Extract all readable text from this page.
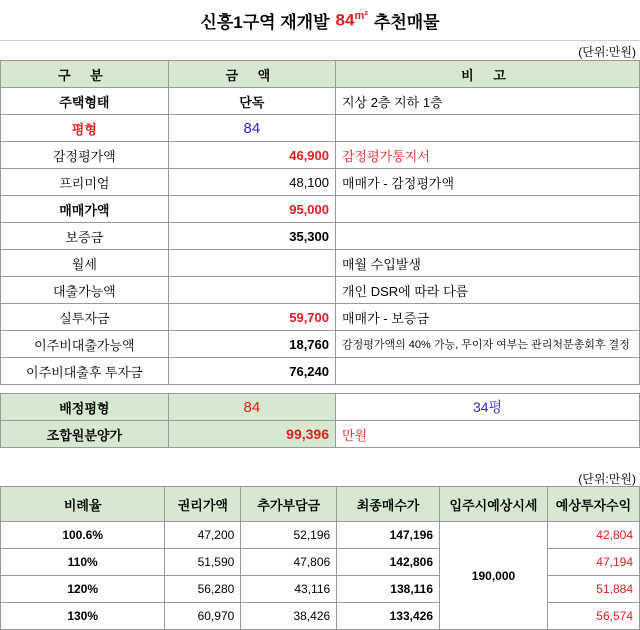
신흥1구역 재개발 $84^{m^2}$ 추천매물
(단위:만원)
구 분	금 액	비 고
주택형태	단독	지상 2층 지하 1층
평형	84	
감정평가액	46,900	감정평가통지서
프리미엄	48,100	매매가 - 감정평가액
매매가액	95,000	
보증금	35,300	
월세		매월 수입발생
대출가능액		개인 DSR에 따라 다름
실투자금	59,700	매매가 - 보증금
이주비대출가능액	18,760	감정평가액의 40% 가능, 무이자 여부는 관리처분총회후 결정
이주비대출후 투자금	76,240	

배정평형	84	34평
조합원분양가	99,396	만원
(단위:만원)
비례율	권리가액	추가부담금	최종매수가	입주시예상시세	예상투자수익
100.6%	47,200	52,196	147,196	190,000	42,804
110%	51,590	47,806	142,806		47,194
120%	56,280	43,116	138,116		51,884
130%	60,970	38,426	133,426		56,574
